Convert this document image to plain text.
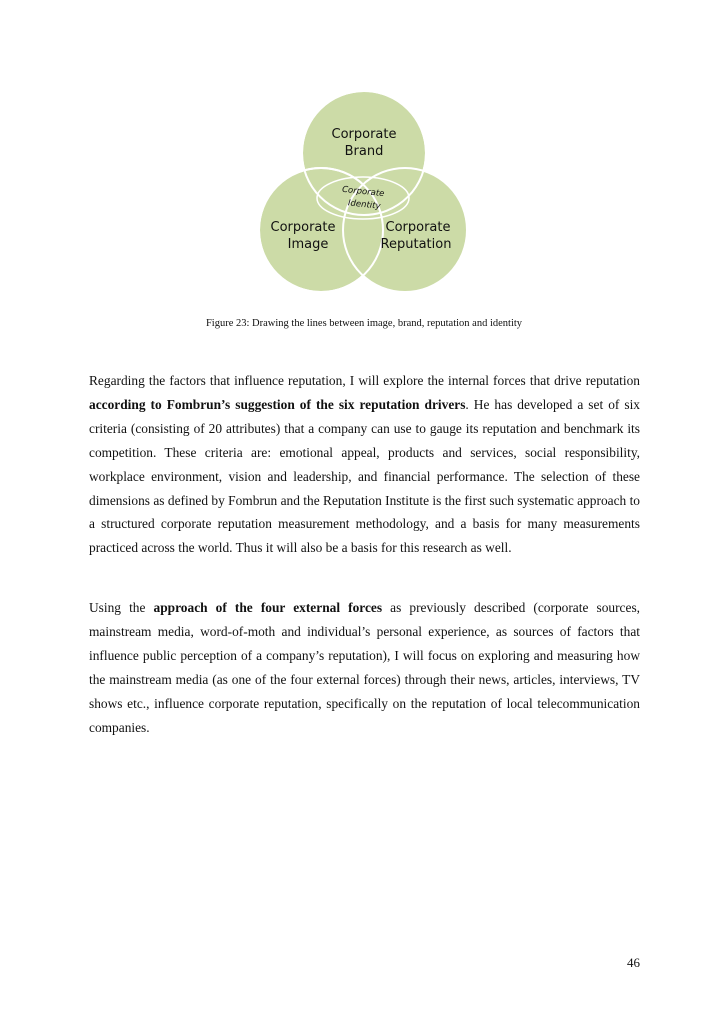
Corporate
Brand
Corporate
Identity
Corporate
Image
Corporate
Reputation
Figure 23: Drawing the lines between image, brand, reputation and identity

Regarding the factors that influence reputation, I will explore the internal forces that drive reputation according to Fombrun’s suggestion of the six reputation drivers. He has developed a set of six criteria (consisting of 20 attributes) that a company can use to gauge its reputation and benchmark its competition. These criteria are: emotional appeal, products and services, social responsibility, workplace environment, vision and leadership, and financial performance. The selection of these dimensions as defined by Fombrun and the Reputation Institute is the first such systematic approach to a structured corporate reputation measurement methodology, and a basis for many measurements practiced across the world. Thus it will also be a basis for this research as well.

Using the approach of the four external forces as previously described (corporate sources, mainstream media, word-of-moth and individual’s personal experience, as sources of factors that influence public perception of a company’s reputation), I will focus on exploring and measuring how the mainstream media (as one of the four external forces) through their news, articles, interviews, TV shows etc., influence corporate reputation, specifically on the reputation of local telecommunication companies.

46
